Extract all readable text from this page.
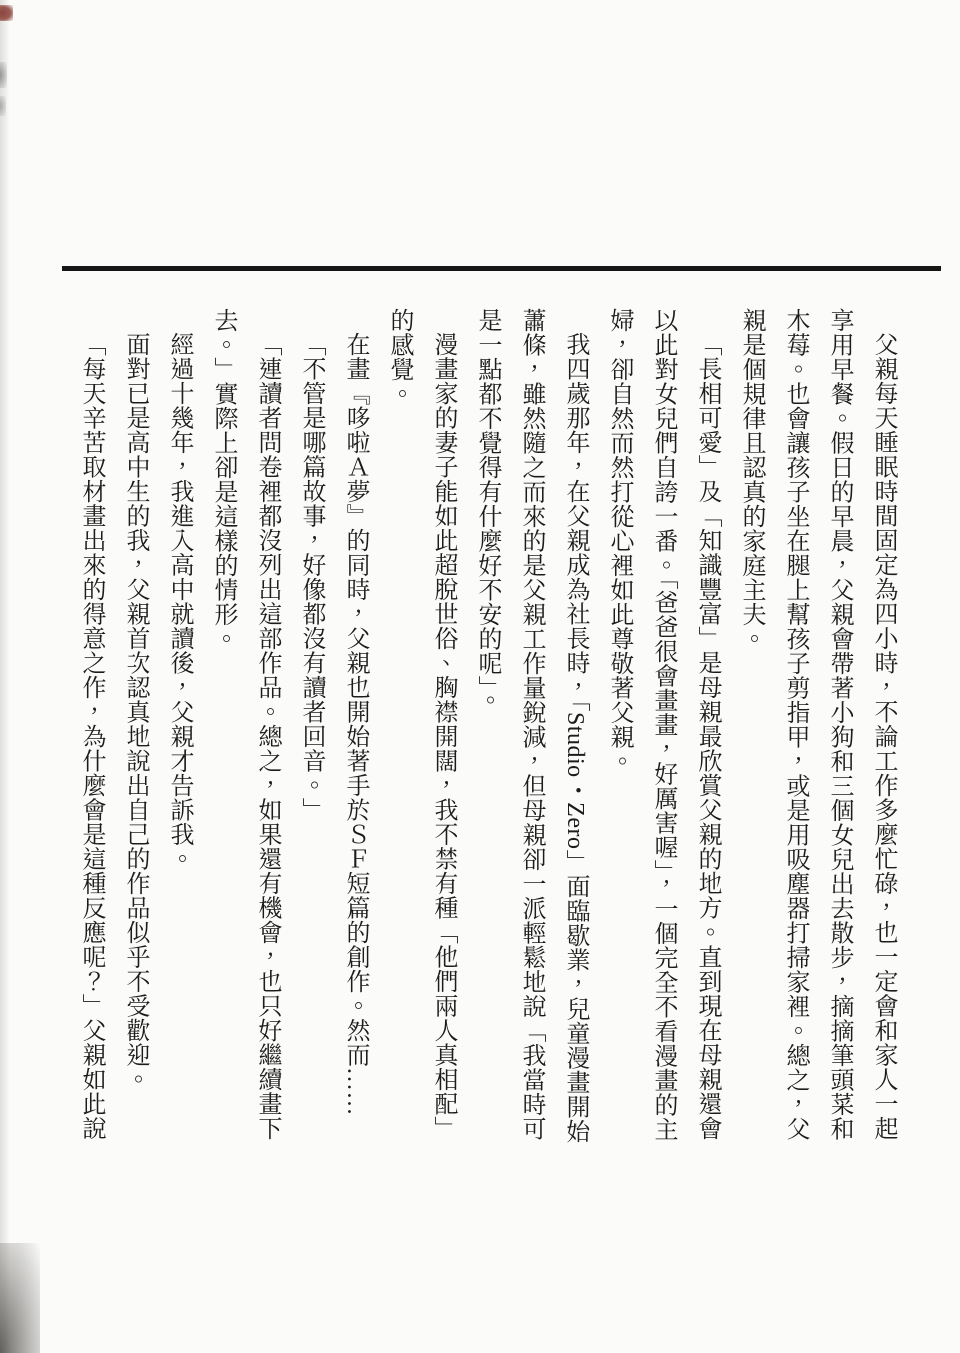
父親每天睡眠時間固定為四小時，不論工作多麼忙碌，也一定會和家人一起享用早餐。假日的早晨，父親會帶著小狗和三個女兒出去散步，摘摘筆頭菜和木莓。也會讓孩子坐在腿上幫孩子剪指甲，或是用吸塵器打掃家裡。總之，父親是個規律且認真的家庭主夫。

「長相可愛」及「知識豐富」是母親最欣賞父親的地方。直到現在母親還會以此對女兒們自誇一番。「爸爸很會畫畫，好厲害喔」，一個完全不看漫畫的主婦，卻自然而然打從心裡如此尊敬著父親。

我四歲那年，在父親成為社長時，「Studio・Zero」面臨歇業，兒童漫畫開始蕭條，雖然隨之而來的是父親工作量銳減，但母親卻一派輕鬆地說「我當時可是一點都不覺得有什麼好不安的呢」。

漫畫家的妻子能如此超脫世俗、胸襟開闊，我不禁有種「他們兩人真相配」的感覺。

在畫『哆啦Ａ夢』的同時，父親也開始著手於ＳＦ短篇的創作。然而……

「不管是哪篇故事，好像都沒有讀者回音。」

「連讀者問卷裡都沒列出這部作品。總之，如果還有機會，也只好繼續畫下去。」實際上卻是這樣的情形。

經過十幾年，我進入高中就讀後，父親才告訴我。

面對已是高中生的我，父親首次認真地說出自己的作品似乎不受歡迎。

「每天辛苦取材畫出來的得意之作，為什麼會是這種反應呢？」父親如此說
